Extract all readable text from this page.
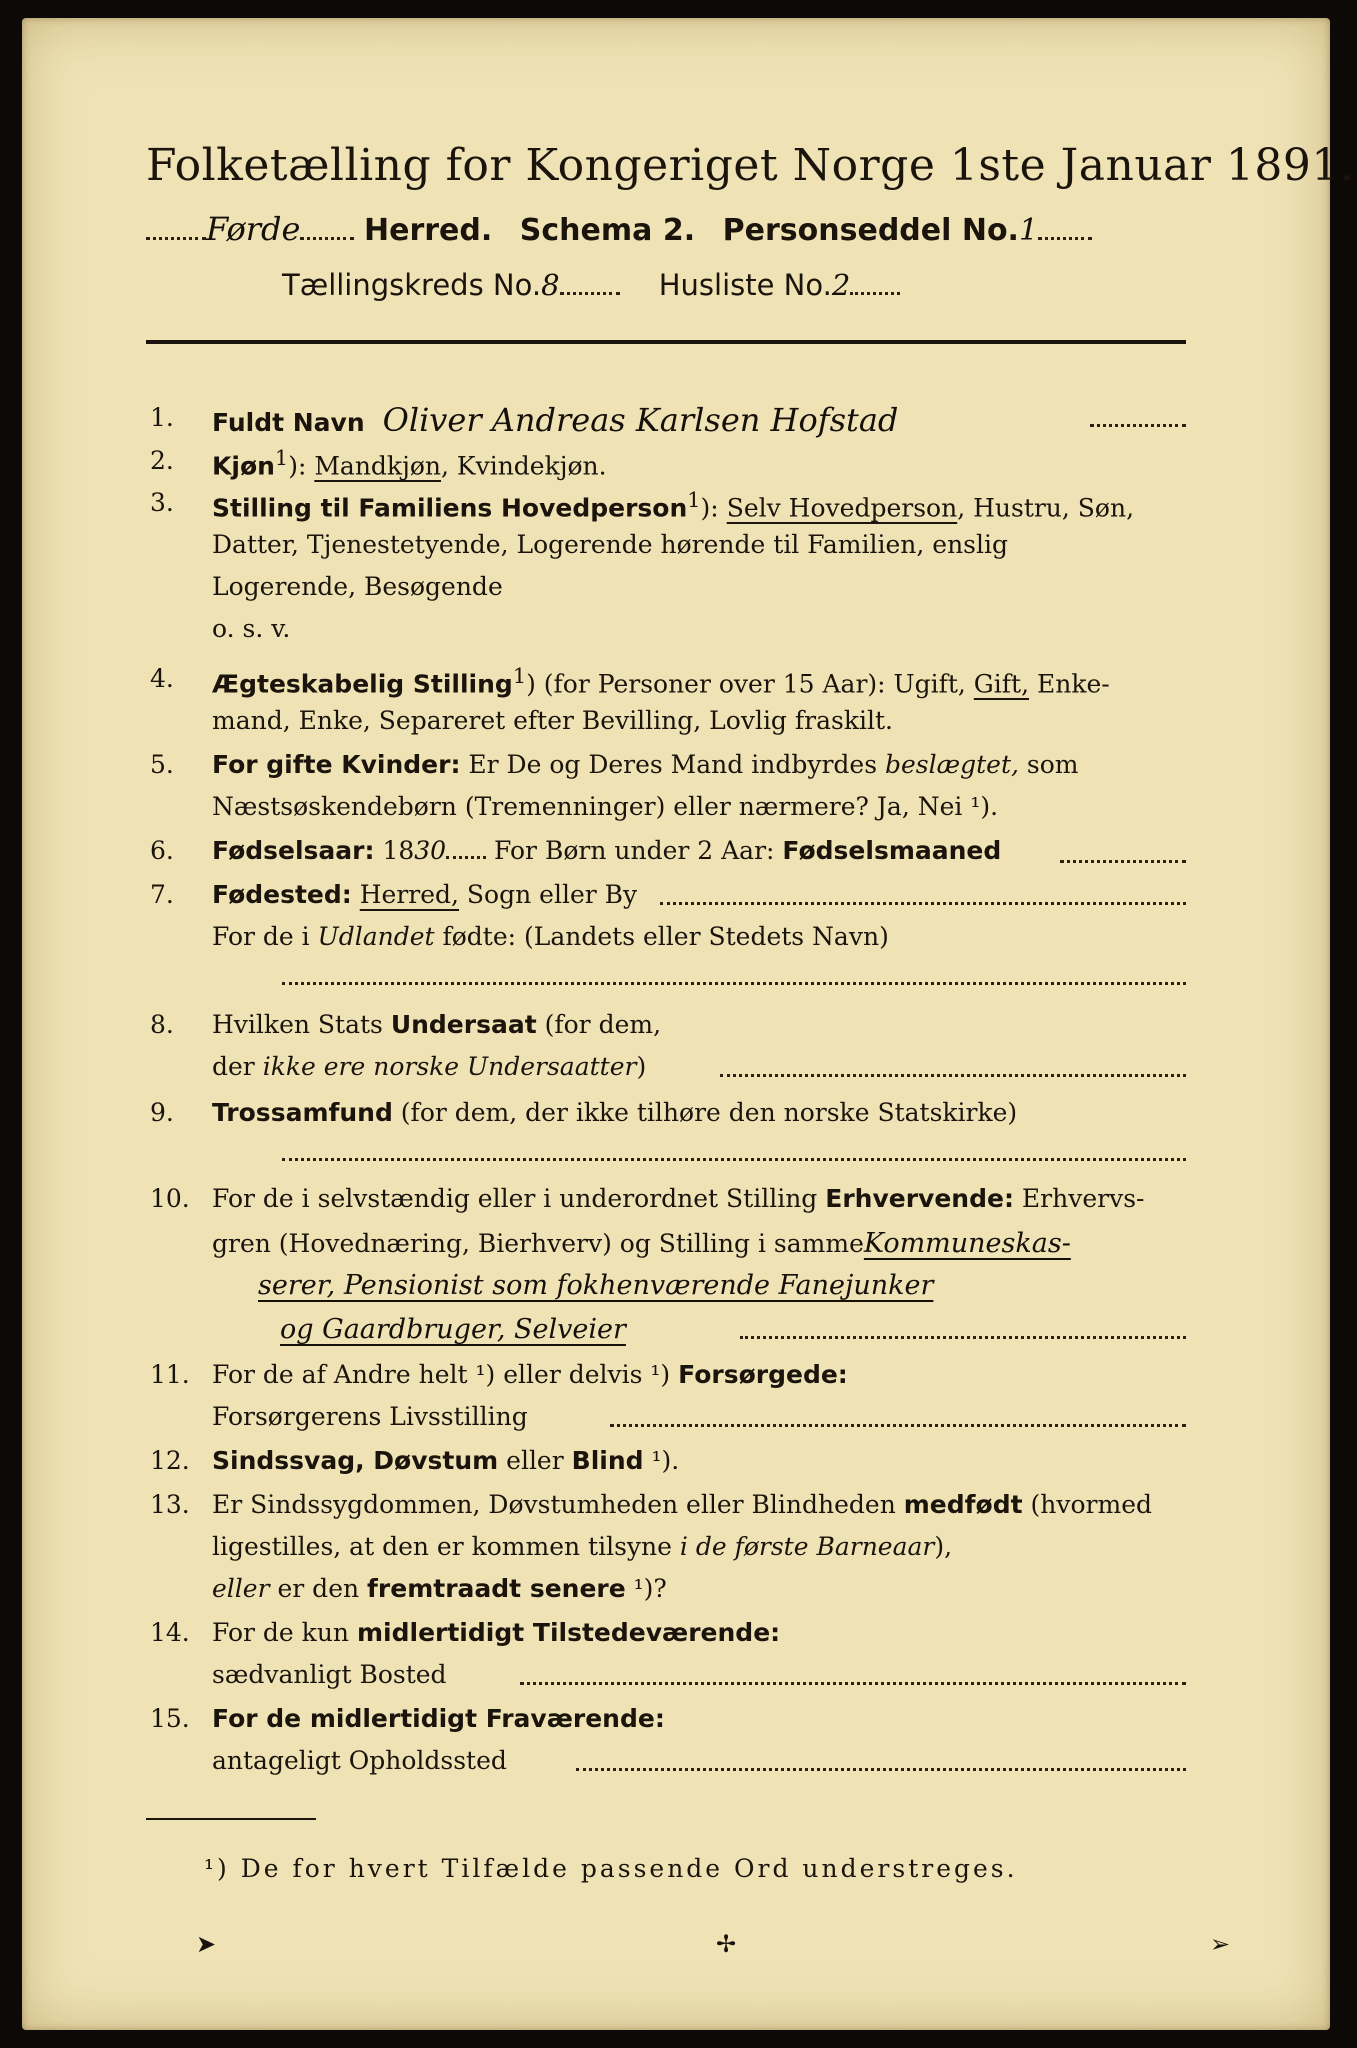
Folketælling for Kongeriget Norge 1ste Januar 1891.
Førde Herred. Schema 2. Personseddel No.1
Tællingskreds No.8	Husliste No.2
1.	Fuldt Navn Oliver Andreas Karlsen Hofstad
2.	Kjøn$^1$): Mandkjøn, Kvindekjøn.
3.	Stilling til Familiens Hovedperson$^1$): Selv Hovedperson, Hustru, Søn,
Datter, Tjenestetyende, Logerende hørende til Familien, enslig
Logerende, Besøgende
o. s. v.
4.	Ægteskabelig Stilling$^1$) (for Personer over 15 Aar): Ugift, Gift, Enke-
mand, Enke, Separeret efter Bevilling, Lovlig fraskilt.
5.	For gifte Kvinder: Er De og Deres Mand indbyrdes beslægtet, som
Næstsøskendebørn (Tremenninger) eller nærmere? Ja, Nei ¹).
6.	Fødselsaar: 1830 For Børn under 2 Aar: Fødselsmaaned
7.	Fødested: Herred, Sogn eller By
For de i Udlandet fødte: (Landets eller Stedets Navn)
8.	Hvilken Stats Undersaat (for dem,
der ikke ere norske Undersaatter)
9.	Trossamfund (for dem, der ikke tilhøre den norske Statskirke)
10. For de i selvstændig eller i underordnet Stilling Erhvervende: Erhvervs-
gren (Hovednæring, Bierhverv) og Stilling i sammeKommuneskas-
serer, Pensionist som fokhenværende Fanejunker
og Gaardbruger, Selveier
11. For de af Andre helt ¹) eller delvis ¹) Forsørgede:
Forsørgerens Livsstilling
12. Sindssvag, Døvstum eller Blind ¹).
13. Er Sindssygdommen, Døvstumheden eller Blindheden medfødt (hvormed
ligestilles, at den er kommen tilsyne i de første Barneaar),
eller er den fremtraadt senere ¹)?
14. For de kun midlertidigt Tilstedeværende:
sædvanligt Bosted
15. For de midlertidigt Fraværende:
antageligt Opholdssted
¹) De for hvert Tilfælde passende Ord understreges.
➤	✢	➢
